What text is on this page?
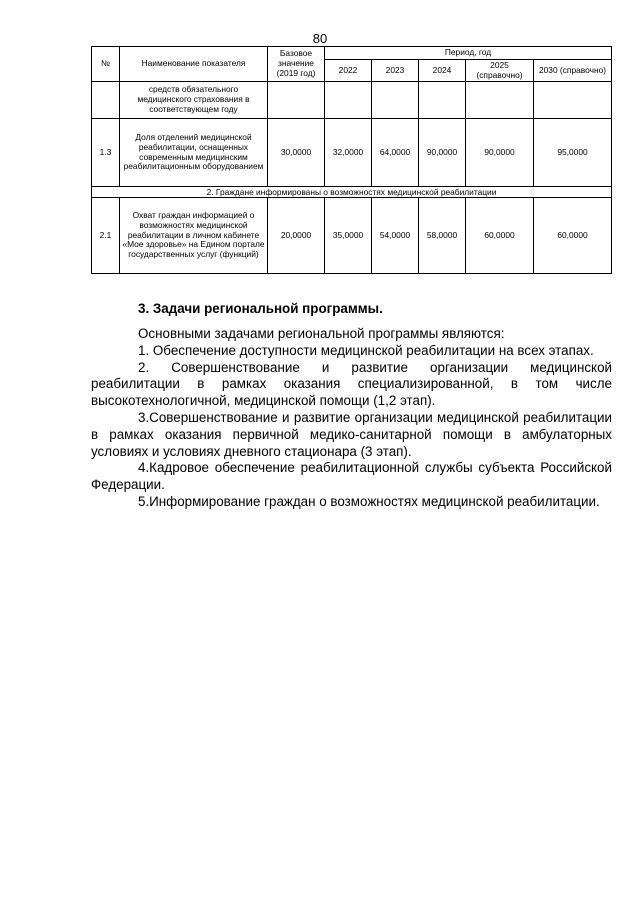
80
№	Наименование показателя	Базовое значение (2019 год)	Период, год				
			2022	2023	2024	2025 (справочно)	2030 (справочно)
	средств обязательного медицинского страхования в соответствующем году						
1.3	Доля отделений медицинской реабилитации, оснащенных современным медицинским реабилитационным оборудованием	30,0000	32,0000	64,0000	90,0000	90,0000	95,0000
2. Граждане информированы о возможностях медицинской реабилитации							
2.1	Охват граждан информацией о возможностях медицинской реабилитации в личном кабинете «Мое здоровье» на Едином портале государственных услуг (функций)	20,0000	35,0000	54,0000	58,0000	60,0000	60,0000
3. Задачи региональной программы.

Основными задачами региональной программы являются:

1. Обеспечение доступности медицинской реабилитации на всех этапах.

2. Совершенствование и развитие организации медицинской реабилитации в рамках оказания специализированной, в том числе высокотехнологичной, медицинской помощи (1,2 этап).

3.Совершенствование и развитие организации медицинской реабилитации в рамках оказания первичной медико-санитарной помощи в амбулаторных условиях и условиях дневного стационара (3 этап).

4.Кадровое обеспечение реабилитационной службы субъекта Российской Федерации.

5.Информирование граждан о возможностях медицинской реабилитации.
